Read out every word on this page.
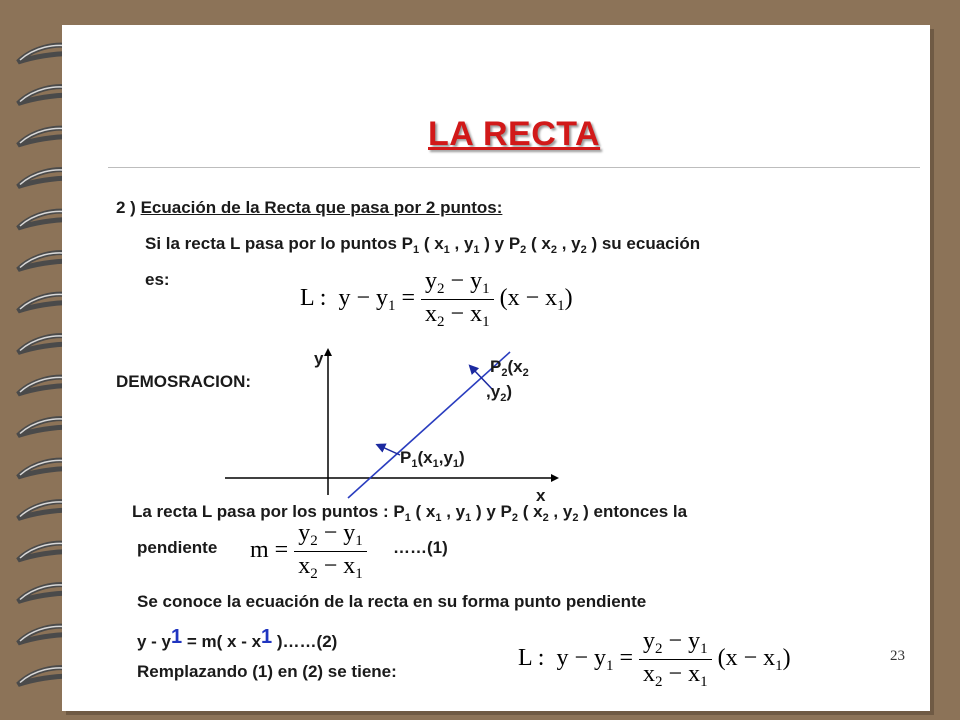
LA RECTA
2 ) Ecuación de la Recta que pasa por 2 puntos:
Si la recta L pasa por lo puntos $P_1$ ( $x_1$ , $y_1$ ) y $P_2$ ( $x_2$ , $y_2$ ) su ecuación
es:
L : $y - y_1 = \frac{y_2 - y_1}{x_2 - x_1} (x - x_1)$
DEMOSRACION:
y
x
$P_2(x_2$
$,y_2$)
$P_1(x_1,y_1)$
La recta L pasa por los puntos : $P_1$ ( $x_1$ , $y_1$ ) y $P_2$ ( $x_2$ , $y_2$ ) entonces la
pendiente $m = \frac{y_2 - y_1}{x_2 - x_1}$ ……(1)
Se conoce la ecuación de la recta en su forma punto pendiente
y - y1 = m( x - x1 )……(2)
Remplazando (1) en (2) se tiene:
L : $y - y_1 = \frac{y_2 - y_1}{x_2 - x_1} (x - x_1)$	23
